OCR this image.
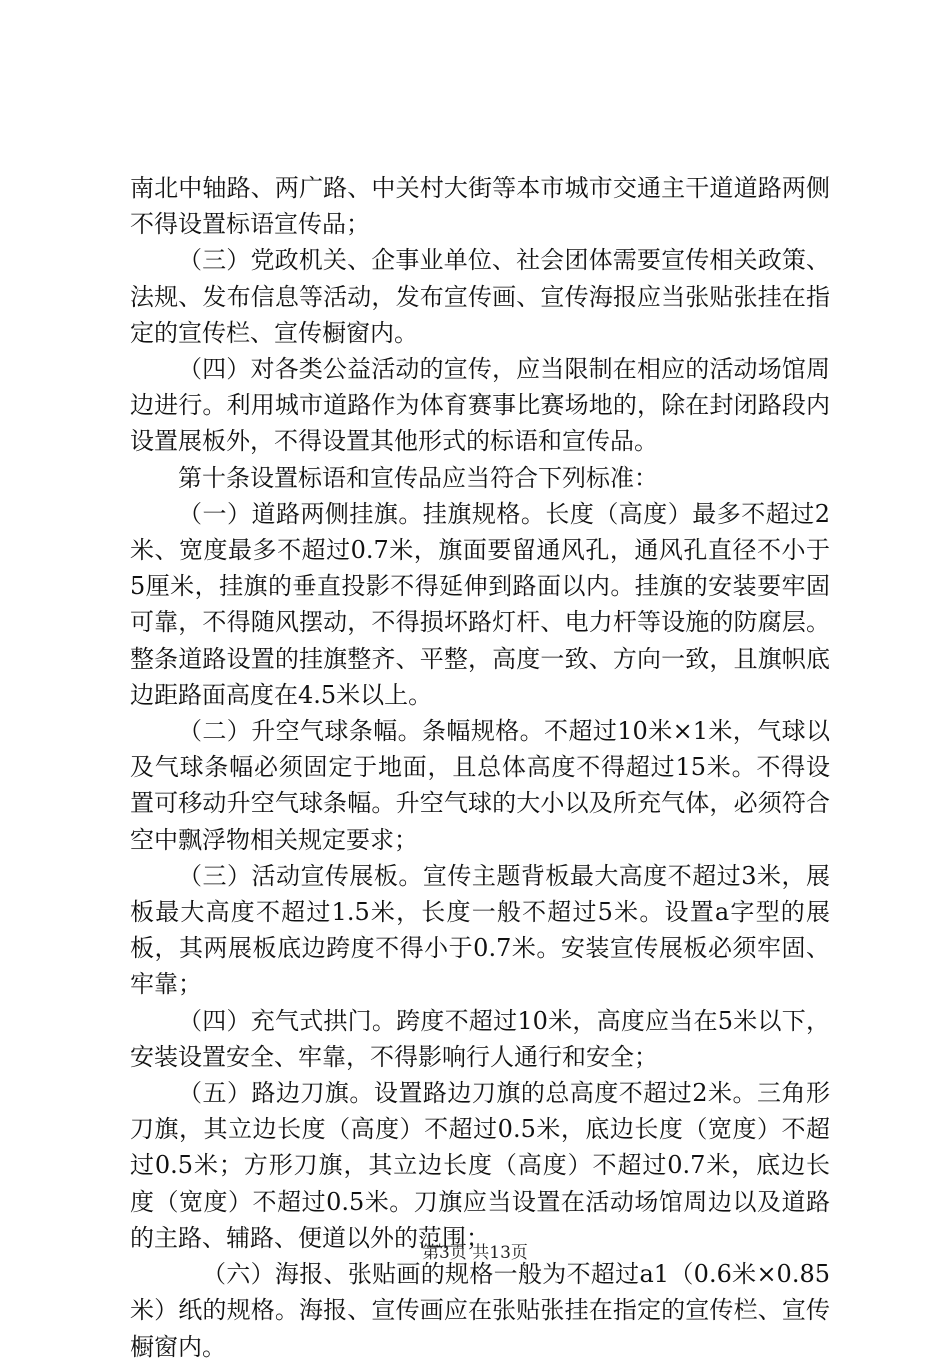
南北中轴路、两广路、中关村大街等本市城市交通主干道道路两侧不得设置标语宣传品；

（三）党政机关、企事业单位、社会团体需要宣传相关政策、法规、发布信息等活动，发布宣传画、宣传海报应当张贴张挂在指定的宣传栏、宣传橱窗内。

（四）对各类公益活动的宣传，应当限制在相应的活动场馆周边进行。利用城市道路作为体育赛事比赛场地的，除在封闭路段内设置展板外，不得设置其他形式的标语和宣传品。

第十条设置标语和宣传品应当符合下列标准：

（一）道路两侧挂旗。挂旗规格。长度（高度）最多不超过2米、宽度最多不超过0.7米，旗面要留通风孔，通风孔直径不小于5厘米，挂旗的垂直投影不得延伸到路面以内。挂旗的安装要牢固可靠，不得随风摆动，不得损坏路灯杆、电力杆等设施的防腐层。整条道路设置的挂旗整齐、平整，高度一致、方向一致，且旗帜底边距路面高度在4.5米以上。

（二）升空气球条幅。条幅规格。不超过10米×1米，气球以及气球条幅必须固定于地面，且总体高度不得超过15米。不得设置可移动升空气球条幅。升空气球的大小以及所充气体，必须符合空中飘浮物相关规定要求；

（三）活动宣传展板。宣传主题背板最大高度不超过3米，展板最大高度不超过1.5米，长度一般不超过5米。设置a字型的展板，其两展板底边跨度不得小于0.7米。安装宣传展板必须牢固、牢靠；

（四）充气式拱门。跨度不超过10米，高度应当在5米以下，安装设置安全、牢靠，不得影响行人通行和安全；

（五）路边刀旗。设置路边刀旗的总高度不超过2米。三角形刀旗，其立边长度（高度）不超过0.5米，底边长度（宽度）不超过0.5米；方形刀旗，其立边长度（高度）不超过0.7米，底边长度（宽度）不超过0.5米。刀旗应当设置在活动场馆周边以及道路的主路、辅路、便道以外的范围；

（六）海报、张贴画的规格一般为不超过a1（0.6米×0.85米）纸的规格。海报、宣传画应在张贴张挂在指定的宣传栏、宣传橱窗内。

第3页 共13页
